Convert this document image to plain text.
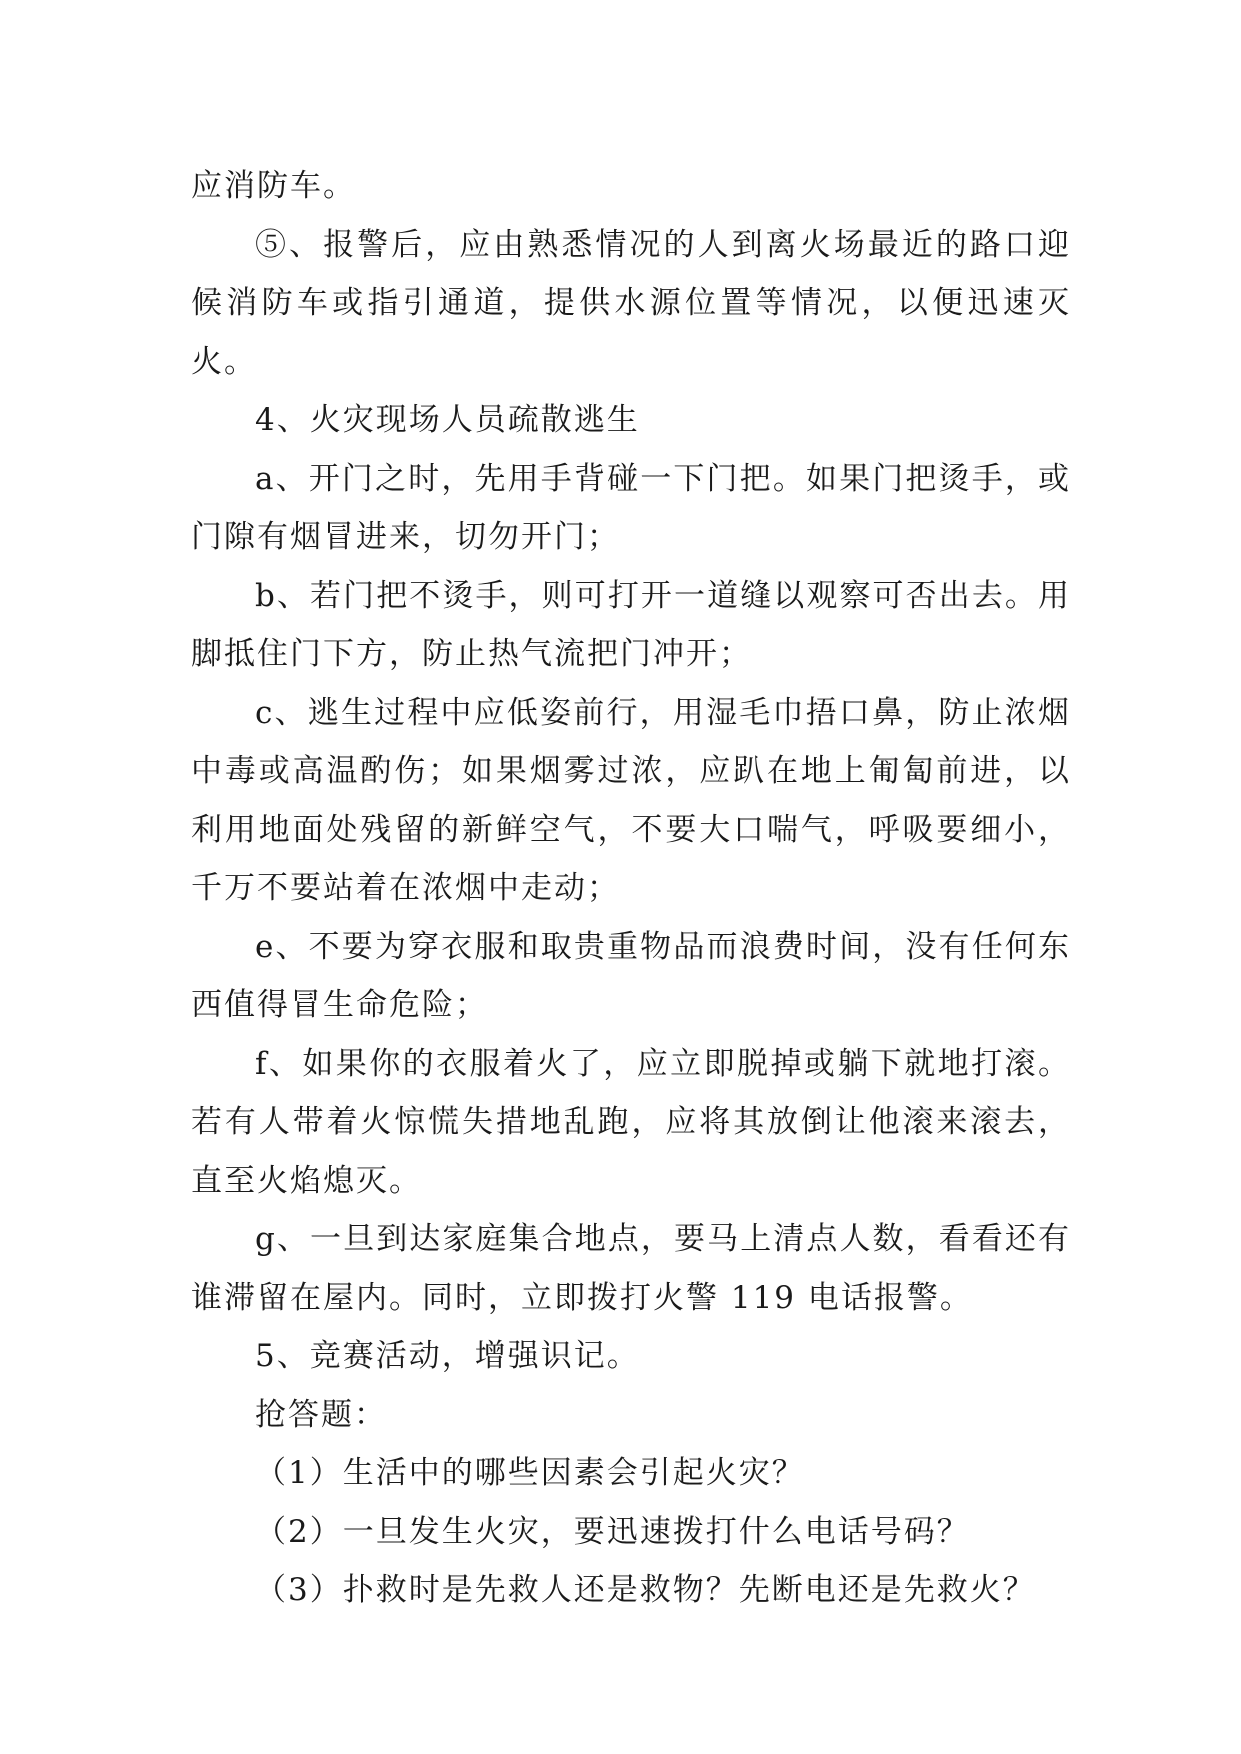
应消防车。

⑤、报警后，应由熟悉情况的人到离火场最近的路口迎候消防车或指引通道，提供水源位置等情况，以便迅速灭火。

4、火灾现场人员疏散逃生

a、开门之时，先用手背碰一下门把。如果门把烫手，或门隙有烟冒进来，切勿开门；

b、若门把不烫手，则可打开一道缝以观察可否出去。用脚抵住门下方，防止热气流把门冲开；

c、逃生过程中应低姿前行，用湿毛巾捂口鼻，防止浓烟中毒或高温酌伤；如果烟雾过浓，应趴在地上匍匐前进，以利用地面处残留的新鲜空气，不要大口喘气，呼吸要细小，千万不要站着在浓烟中走动；

e、不要为穿衣服和取贵重物品而浪费时间，没有任何东西值得冒生命危险；

f、如果你的衣服着火了，应立即脱掉或躺下就地打滚。若有人带着火惊慌失措地乱跑，应将其放倒让他滚来滚去，直至火焰熄灭。

g、一旦到达家庭集合地点，要马上清点人数，看看还有谁滞留在屋内。同时，立即拨打火警 119 电话报警。

5、竞赛活动，增强识记。

抢答题：

（1）生活中的哪些因素会引起火灾？

（2）一旦发生火灾，要迅速拨打什么电话号码？

（3）扑救时是先救人还是救物？先断电还是先救火？
